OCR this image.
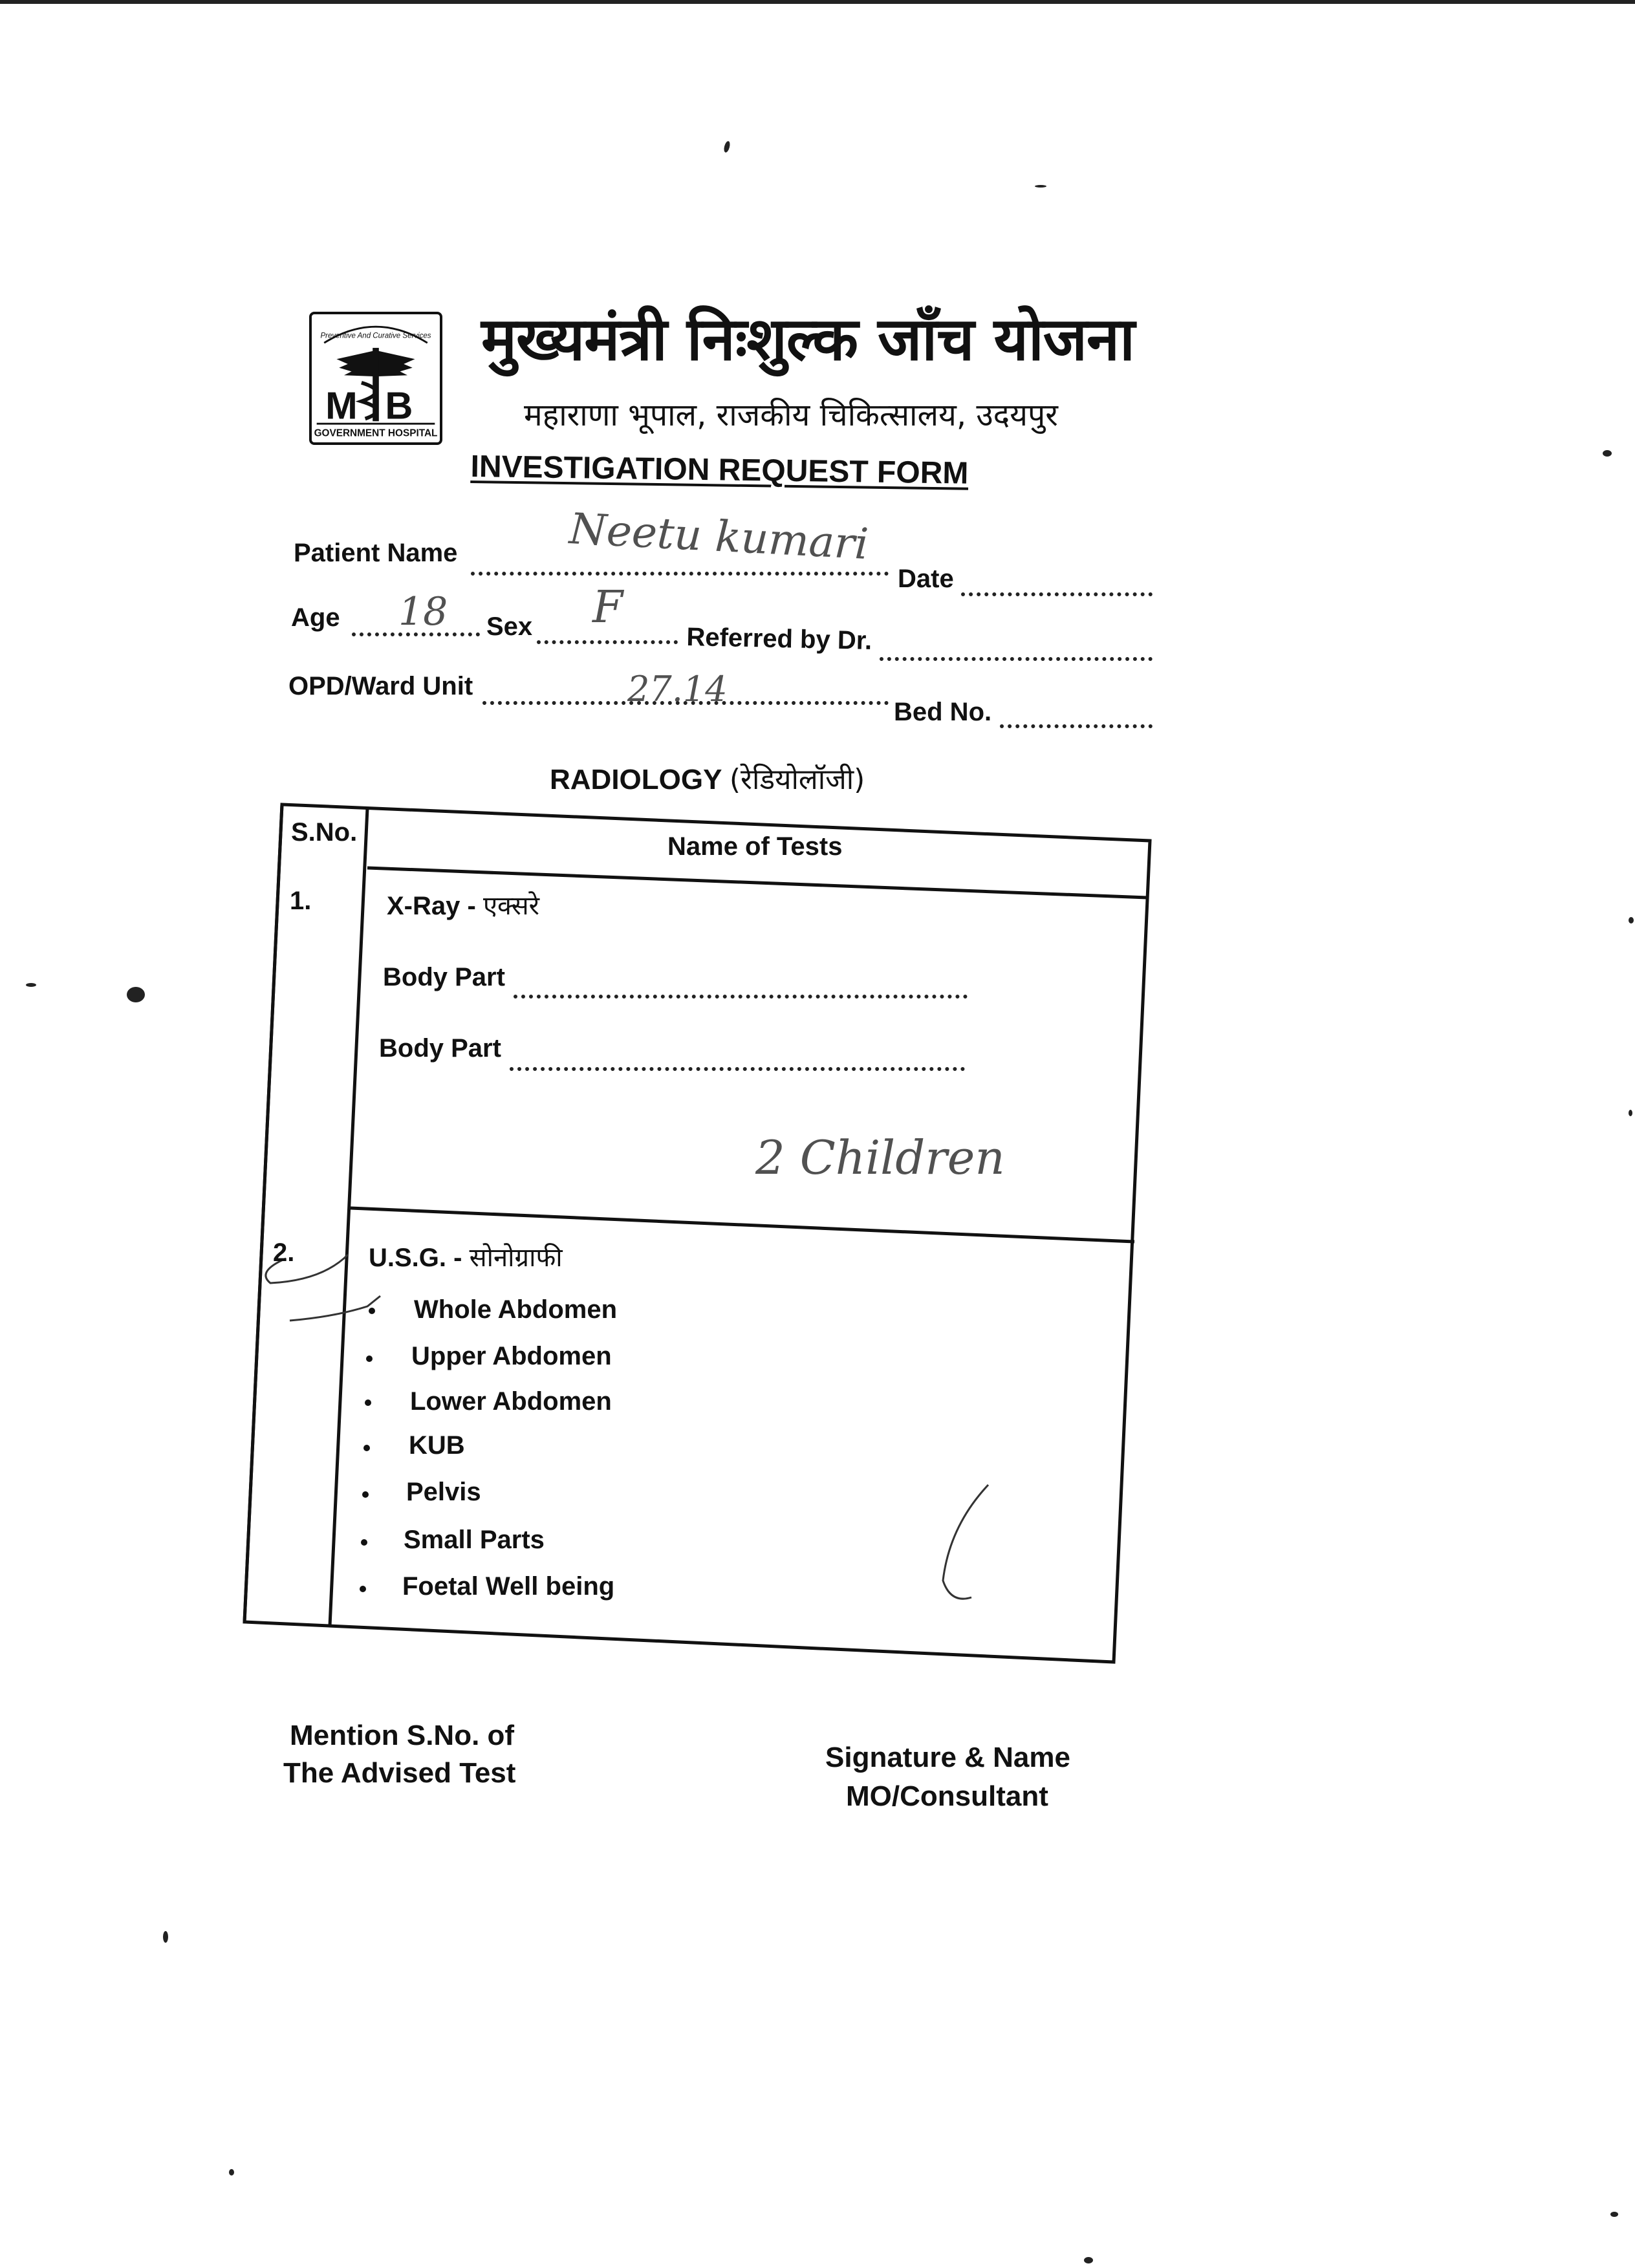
Preventive And Curative Services
M B
GOVERNMENT HOSPITAL
मुख्यमंत्री निःशुल्क जाँच योजना
महाराणा भूपाल, राजकीय चिकित्सालय, उदयपुर
INVESTIGATION REQUEST FORM
Patient Name	Neetu kumari
Date
Age 18 Sex F
Referred by Dr.
OPD/Ward Unit	27.14
Bed No.
RADIOLOGY (रेडियोलॉजी)
S.No.	Name of Tests
1.	X-Ray - एक्सरे
Body Part
Body Part
2 Children
2.	U.S.G. - सोनोग्राफी
Whole Abdomen
Upper Abdomen
Lower Abdomen
KUB
Pelvis
Small Parts
Foetal Well being
Mention S.No. of
The Advised Test	Signature & Name
MO/Consultant
